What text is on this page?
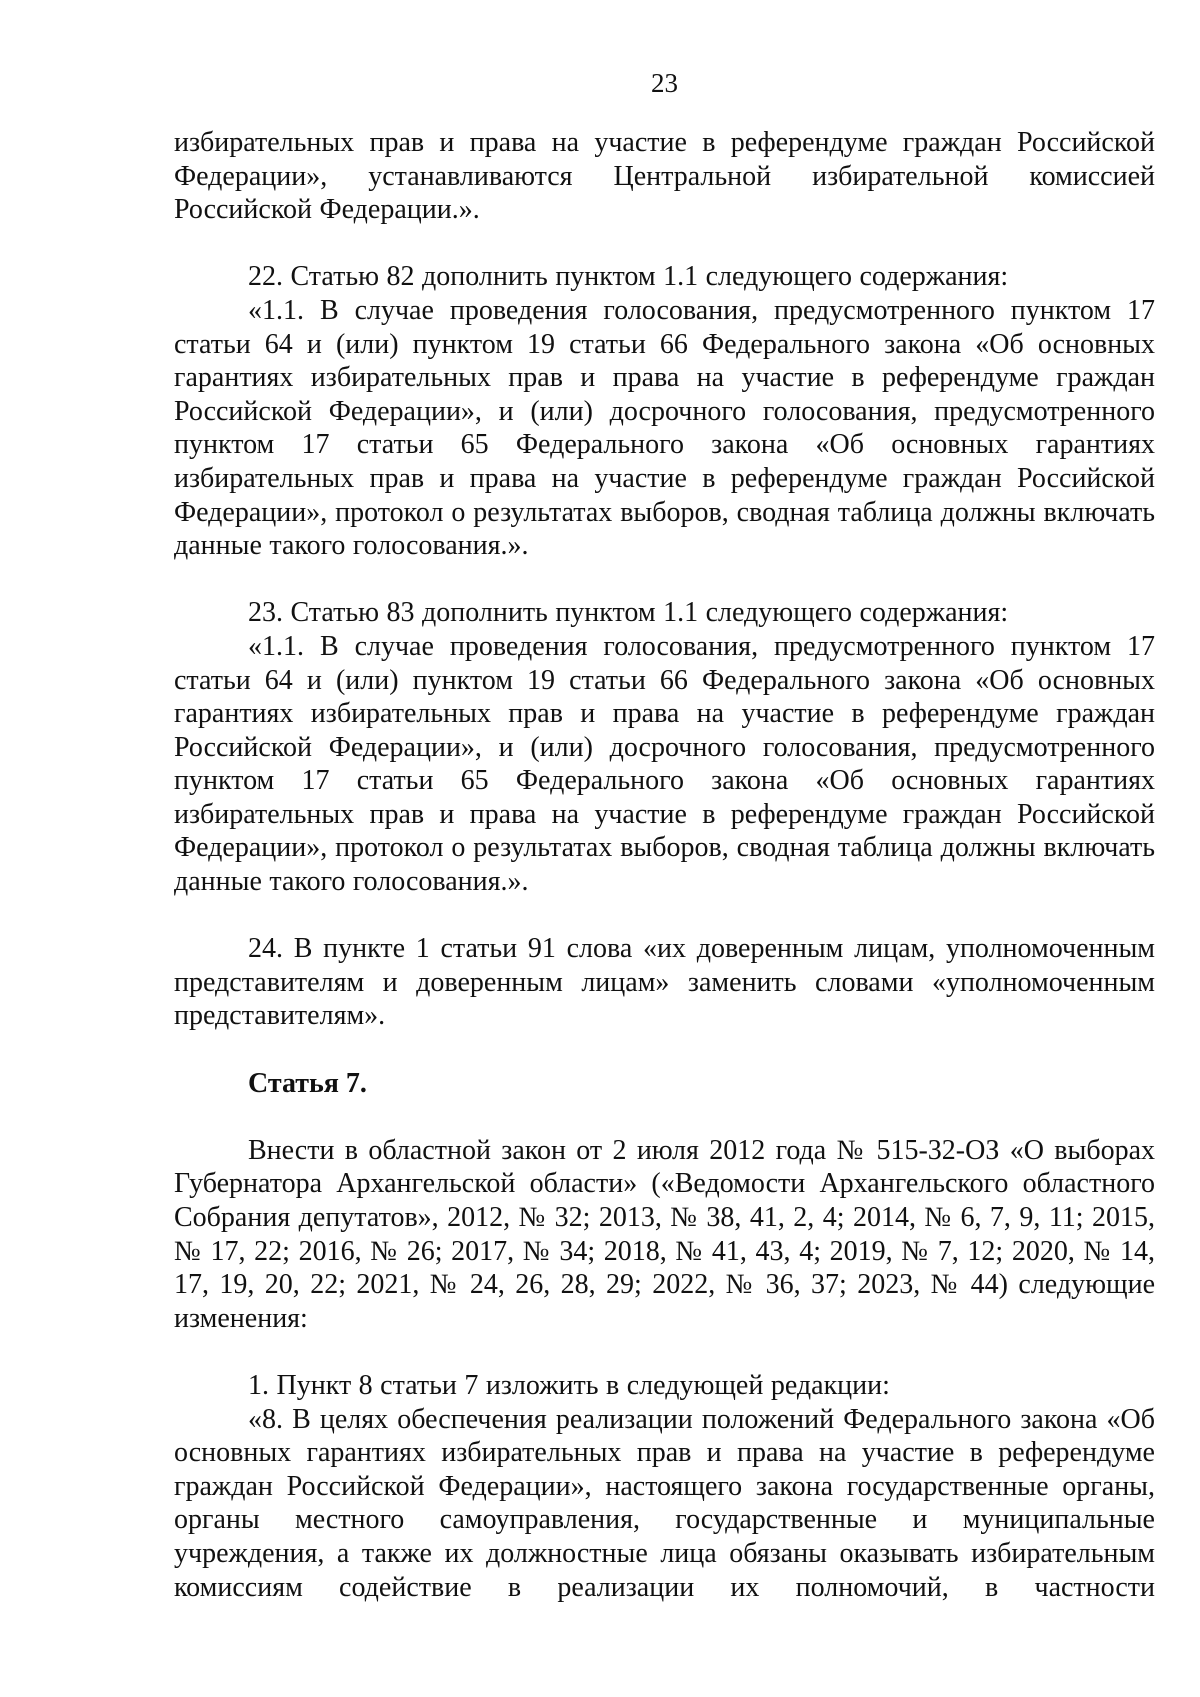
23

избирательных прав и права на участие в референдуме граждан Российской Федерации», устанавливаются Центральной избирательной комиссией Российской Федерации.».

22. Статью 82 дополнить пунктом 1.1 следующего содержания:

«1.1. В случае проведения голосования, предусмотренного пунктом 17 статьи 64 и (или) пунктом 19 статьи 66 Федерального закона «Об основных гарантиях избирательных прав и права на участие в референдуме граждан Российской Федерации», и (или) досрочного голосования, предусмотренного пунктом 17 статьи 65 Федерального закона «Об основных гарантиях избирательных прав и права на участие в референдуме граждан Российской Федерации», протокол о результатах выборов, сводная таблица должны включать данные такого голосования.».

23. Статью 83 дополнить пунктом 1.1 следующего содержания:

«1.1. В случае проведения голосования, предусмотренного пунктом 17 статьи 64 и (или) пунктом 19 статьи 66 Федерального закона «Об основных гарантиях избирательных прав и права на участие в референдуме граждан Российской Федерации», и (или) досрочного голосования, предусмотренного пунктом 17 статьи 65 Федерального закона «Об основных гарантиях избирательных прав и права на участие в референдуме граждан Российской Федерации», протокол о результатах выборов, сводная таблица должны включать данные такого голосования.».

24. В пункте 1 статьи 91 слова «их доверенным лицам, уполномоченным представителям и доверенным лицам» заменить словами «уполномоченным представителям».

Статья 7.

Внести в областной закон от 2 июля 2012 года № 515-32-ОЗ «О выборах Губернатора Архангельской области» («Ведомости Архангельского областного Собрания депутатов», 2012, № 32; 2013, № 38, 41, 2, 4; 2014, № 6, 7, 9, 11; 2015, № 17, 22; 2016, № 26; 2017, № 34; 2018, № 41, 43, 4; 2019, № 7, 12; 2020, № 14, 17, 19, 20, 22; 2021, № 24, 26, 28, 29; 2022, № 36, 37; 2023, № 44) следующие изменения:

1. Пункт 8 статьи 7 изложить в следующей редакции:

«8. В целях обеспечения реализации положений Федерального закона «Об основных гарантиях избирательных прав и права на участие в референдуме граждан Российской Федерации», настоящего закона государственные органы, органы местного самоуправления, государственные и муниципальные учреждения, а также их должностные лица обязаны оказывать избирательным комиссиям содействие в реализации их полномочий, в частности
